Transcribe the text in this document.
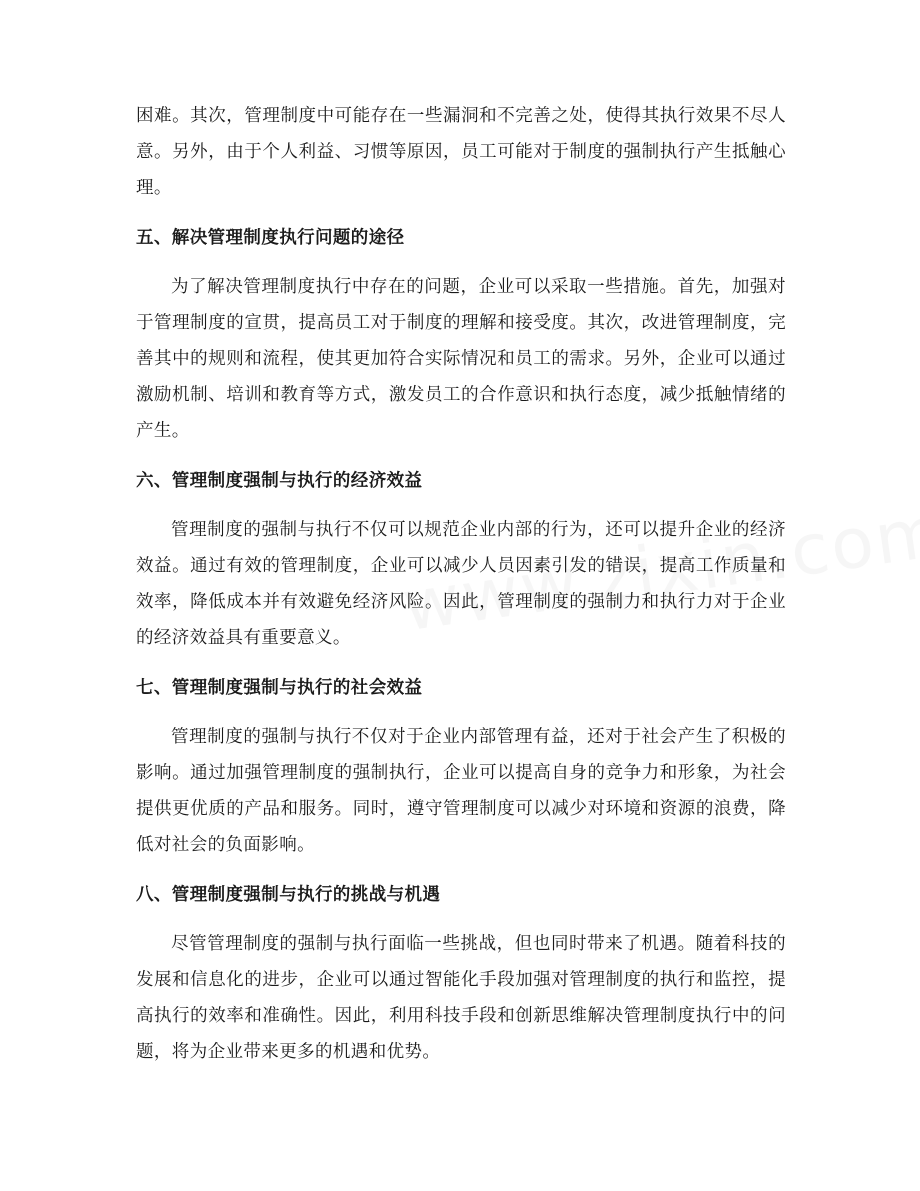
困难。其次，管理制度中可能存在一些漏洞和不完善之处，使得其执行效果不尽人意。另外，由于个人利益、习惯等原因，员工可能对于制度的强制执行产生抵触心理。

五、解决管理制度执行问题的途径

为了解决管理制度执行中存在的问题，企业可以采取一些措施。首先，加强对于管理制度的宣贯，提高员工对于制度的理解和接受度。其次，改进管理制度，完善其中的规则和流程，使其更加符合实际情况和员工的需求。另外，企业可以通过激励机制、培训和教育等方式，激发员工的合作意识和执行态度，减少抵触情绪的产生。

六、管理制度强制与执行的经济效益

管理制度的强制与执行不仅可以规范企业内部的行为，还可以提升企业的经济效益。通过有效的管理制度，企业可以减少人员因素引发的错误，提高工作质量和效率，降低成本并有效避免经济风险。因此，管理制度的强制力和执行力对于企业的经济效益具有重要意义。

七、管理制度强制与执行的社会效益

管理制度的强制与执行不仅对于企业内部管理有益，还对于社会产生了积极的影响。通过加强管理制度的强制执行，企业可以提高自身的竞争力和形象，为社会提供更优质的产品和服务。同时，遵守管理制度可以减少对环境和资源的浪费，降低对社会的负面影响。

八、管理制度强制与执行的挑战与机遇

尽管管理制度的强制与执行面临一些挑战，但也同时带来了机遇。随着科技的发展和信息化的进步，企业可以通过智能化手段加强对管理制度的执行和监控，提高执行的效率和准确性。因此，利用科技手段和创新思维解决管理制度执行中的问题，将为企业带来更多的机遇和优势。
